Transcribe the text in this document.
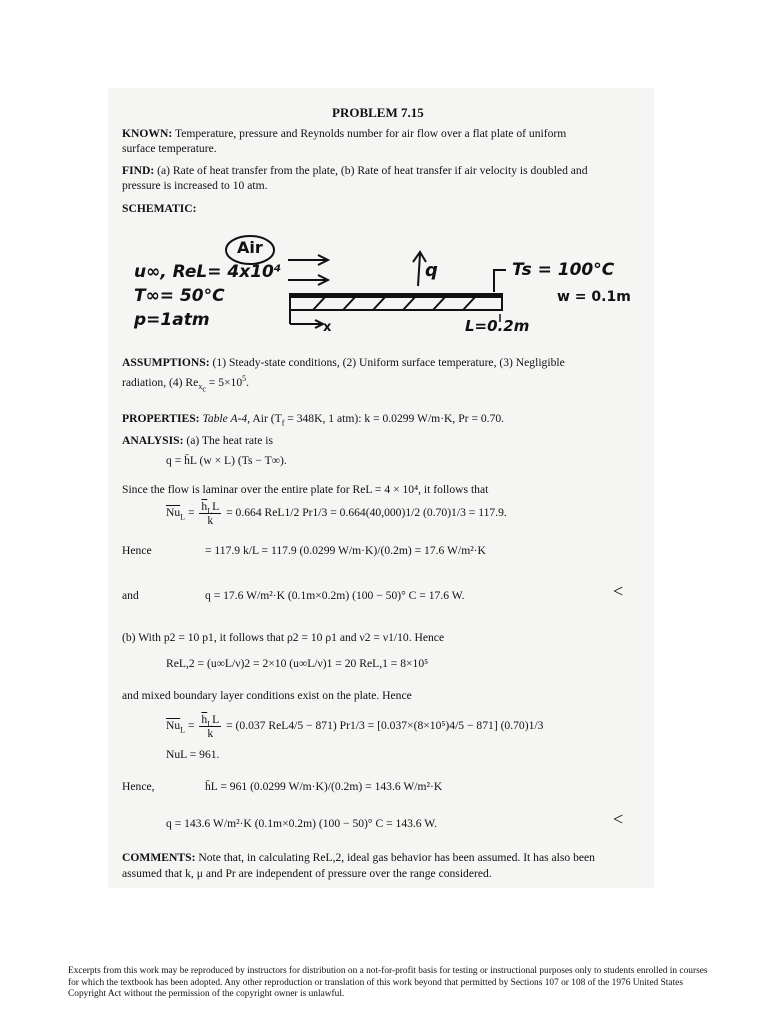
PROBLEM 7.15
KNOWN: Temperature, pressure and Reynolds number for air flow over a flat plate of uniform
surface temperature.
FIND: (a) Rate of heat transfer from the plate, (b) Rate of heat transfer if air velocity is doubled and
pressure is increased to 10 atm.
SCHEMATIC:
Air
u∞, ReL= 4x10⁴
T∞= 50°C
p=1atm
q	Ts = 100°C
w = 0.1m
x	L=0.2m
ASSUMPTIONS: (1) Steady-state conditions, (2) Uniform surface temperature, (3) Negligible
radiation, (4) $Re_{x_c} = 5\times 10^5$.
PROPERTIES: Table A-4, Air ($T_f = 348K$, 1 atm): k = 0.0299 W/m·K, Pr = 0.70.
ANALYSIS: (a) The heat rate is
q = h̄L (w × L) (Ts − T∞).
Since the flow is laminar over the entire plate for ReL = 4 × 10⁴, it follows that
$\overline{Nu}_L = \frac{\overline{h}_LL}{k} = 0.664$ ReL1/2 Pr1/3 = 0.664(40,000)1/2 (0.70)1/3 = 117.9.
Hence	= 117.9 k/L = 117.9 (0.0299 W/m·K)/(0.2m) = 17.6 W/m²·K
and	q = 17.6 W/m²·K (0.1m×0.2m) (100 − 50)° C = 17.6 W.	<
(b) With p2 = 10 p1, it follows that ρ2 = 10 ρ1 and ν2 = ν1/10. Hence
ReL,2 = (u∞L/ν)2 = 2×10 (u∞L/ν)1 = 20 ReL,1 = 8×10⁵
and mixed boundary layer conditions exist on the plate. Hence
$\overline{Nu}_L = \frac{\overline{h}_LL}{k} = (0.037$ ReL4/5 − 871) Pr1/3 = [0.037×(8×10⁵)4/5 − 871] (0.70)1/3
NuL = 961.
Hence,	h̄L = 961 (0.0299 W/m·K)/(0.2m) = 143.6 W/m²·K
q = 143.6 W/m²·K (0.1m×0.2m) (100 − 50)° C = 143.6 W.	<
COMMENTS: Note that, in calculating ReL,2, ideal gas behavior has been assumed. It has also been
assumed that k, μ and Pr are independent of pressure over the range considered.
Excerpts from this work may be reproduced by instructors for distribution on a not-for-profit basis for testing or instructional purposes only to students enrolled in courses for which the textbook has been adopted. Any other reproduction or translation of this work beyond that permitted by Sections 107 or 108 of the 1976 United States Copyright Act without the permission of the copyright owner is unlawful.
